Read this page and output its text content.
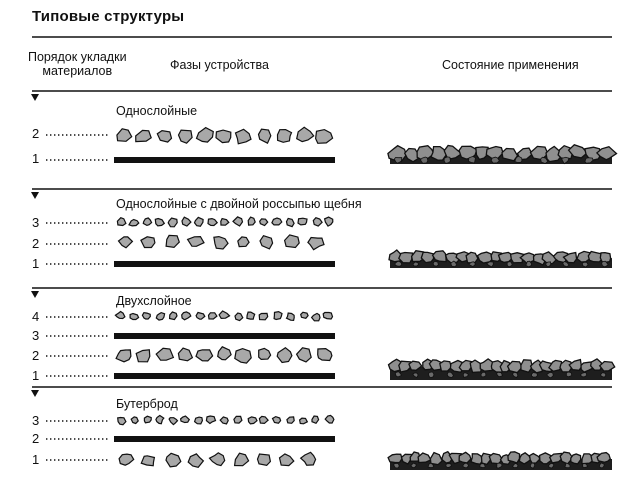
Типовые структуры
Порядок укладки
материалов	Фазы устройства	Состояние применения
Однослойные
Однослойные с двойной россыпью щебня
Двухслойное
Бутерброд
2
1
3
2
1
4
3
2
1
3
2
1
